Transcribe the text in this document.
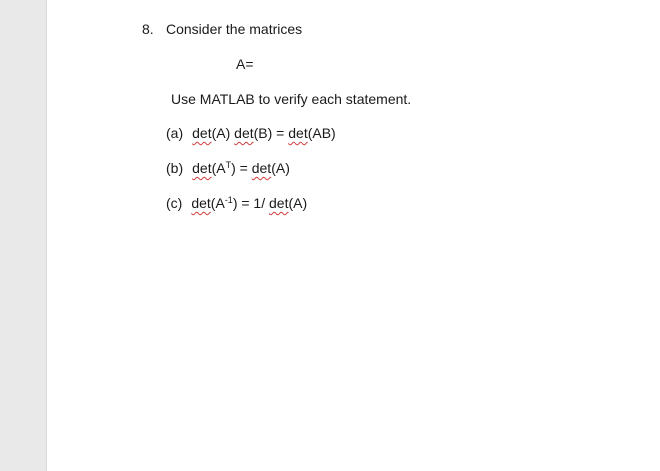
8. Consider the matrices
A=
Use MATLAB to verify each statement.
(a) det(A) det(B) = det(AB)
(b) $\det(A^T) = \det(A)$
(c) $\det(A^{-1}) = 1/$ det(A)
